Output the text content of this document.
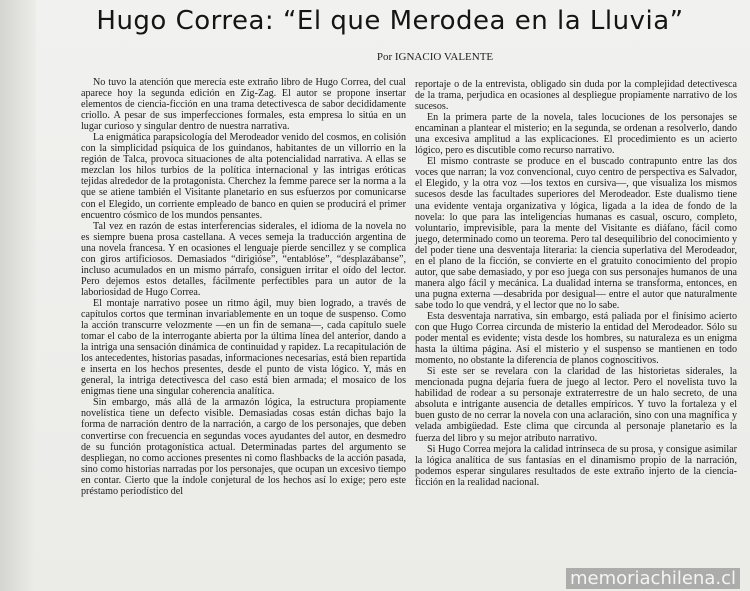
Hugo Correa: “El que Merodea en la Lluvia”
Por IGNACIO VALENTE

No tuvo la atención que merecía este extraño libro de Hugo Correa, del cual aparece hoy la segunda edición en Zig-Zag. El autor se propone insertar elementos de ciencia-ficción en una trama detectivesca de sabor decididamente criollo. A pesar de sus imperfecciones formales, esta empresa lo sitúa en un lugar curioso y singular dentro de nuestra narrativa.

La enigmática parapsicología del Merodeador venido del cosmos, en colisión con la simplicidad psíquica de los guindanos, habitantes de un villorrio en la región de Talca, provoca situaciones de alta potencialidad narrativa. A ellas se mezclan los hilos turbios de la política internacional y las intrigas eróticas tejidas alrededor de la protagonista. Cherchez la femme parece ser la norma a la que se atiene también el Visitante planetario en sus esfuerzos por comunicarse con el Elegido, un corriente empleado de banco en quien se producirá el primer encuentro cósmico de los mundos pensantes.

Tal vez en razón de estas interferencias siderales, el idioma de la novela no es siempre buena prosa castellana. A veces semeja la traducción argentina de una novela francesa. Y en ocasiones el lenguaje pierde sencillez y se complica con giros artificiosos. Demasiados “dirigióse”, “entablóse”, “desplazábanse”, incluso acumulados en un mismo párrafo, consiguen irritar el oído del lector. Pero dejemos estos detalles, fácilmente perfectibles para un autor de la laboriosidad de Hugo Correa.

El montaje narrativo posee un ritmo ágil, muy bien logrado, a través de capítulos cortos que terminan invariablemente en un toque de suspenso. Como la acción transcurre velozmente —en un fin de semana—, cada capítulo suele tomar el cabo de la interrogante abierta por la última línea del anterior, dando a la intriga una sensación dinámica de continuidad y rapidez. La recapitulación de los antecedentes, historias pasadas, informaciones necesarias, está bien repartida e inserta en los hechos presentes, desde el punto de vista lógico. Y, más en general, la intriga detectivesca del caso está bien armada; el mosaico de los enigmas tiene una singular coherencia analítica.

Sin embargo, más allá de la armazón lógica, la estructura propiamente novelística tiene un defecto visible. Demasiadas cosas están dichas bajo la forma de narración dentro de la narración, a cargo de los personajes, que deben convertirse con frecuencia en segundas voces ayudantes del autor, en desmedro de su función protagonística actual. Determinadas partes del argumento se despliegan, no como acciones presentes ni como flashbacks de la acción pasada, sino como historias narradas por los personajes, que ocupan un excesivo tiempo en contar. Cierto que la índole conjetural de los hechos así lo exige; pero este préstamo periodístico del

reportaje o de la entrevista, obligado sin duda por la complejidad detectivesca de la trama, perjudica en ocasiones al despliegue propiamente narrativo de los sucesos.

En la primera parte de la novela, tales locuciones de los personajes se encaminan a plantear el misterio; en la segunda, se ordenan a resolverlo, dando una excesiva amplitud a las explicaciones. El procedimiento es un acierto lógico, pero es discutible como recurso narrativo.

El mismo contraste se produce en el buscado contrapunto entre las dos voces que narran; la voz convencional, cuyo centro de perspectiva es Salvador, el Elegido, y la otra voz —los textos en cursiva—, que visualiza los mismos sucesos desde las facultades superiores del Merodeador. Este dualismo tiene una evidente ventaja organizativa y lógica, ligada a la idea de fondo de la novela: lo que para las inteligencias humanas es casual, oscuro, completo, voluntario, imprevisible, para la mente del Visitante es diáfano, fácil como juego, determinado como un teorema. Pero tal desequilibrio del conocimiento y del poder tiene una desventaja literaria: la ciencia superlativa del Merodeador, en el plano de la ficción, se convierte en el gratuito conocimiento del propio autor, que sabe demasiado, y por eso juega con sus personajes humanos de una manera algo fácil y mecánica. La dualidad interna se transforma, entonces, en una pugna externa —desabrida por desigual— entre el autor que naturalmente sabe todo lo que vendrá, y el lector que no lo sabe.

Esta desventaja narrativa, sin embargo, está paliada por el finísimo acierto con que Hugo Correa circunda de misterio la entidad del Merodeador. Sólo su poder mental es evidente; vista desde los hombres, su naturaleza es un enigma hasta la última página. Así el misterio y el suspenso se mantienen en todo momento, no obstante la diferencia de planos cognoscitivos.

Si este ser se revelara con la claridad de las historietas siderales, la mencionada pugna dejaría fuera de juego al lector. Pero el novelista tuvo la habilidad de rodear a su personaje extraterrestre de un halo secreto, de una absoluta e intrigante ausencia de detalles empíricos. Y tuvo la fortaleza y el buen gusto de no cerrar la novela con una aclaración, sino con una magnífica y velada ambigüedad. Este clima que circunda al personaje planetario es la fuerza del libro y su mejor atributo narrativo.

Si Hugo Correa mejora la calidad intrínseca de su prosa, y consigue asimilar la lógica analítica de sus fantasías en el dinamismo propio de la narración, podemos esperar singulares resultados de este extraño injerto de la ciencia-ficción en la realidad nacional.

memoriachilena.cl
